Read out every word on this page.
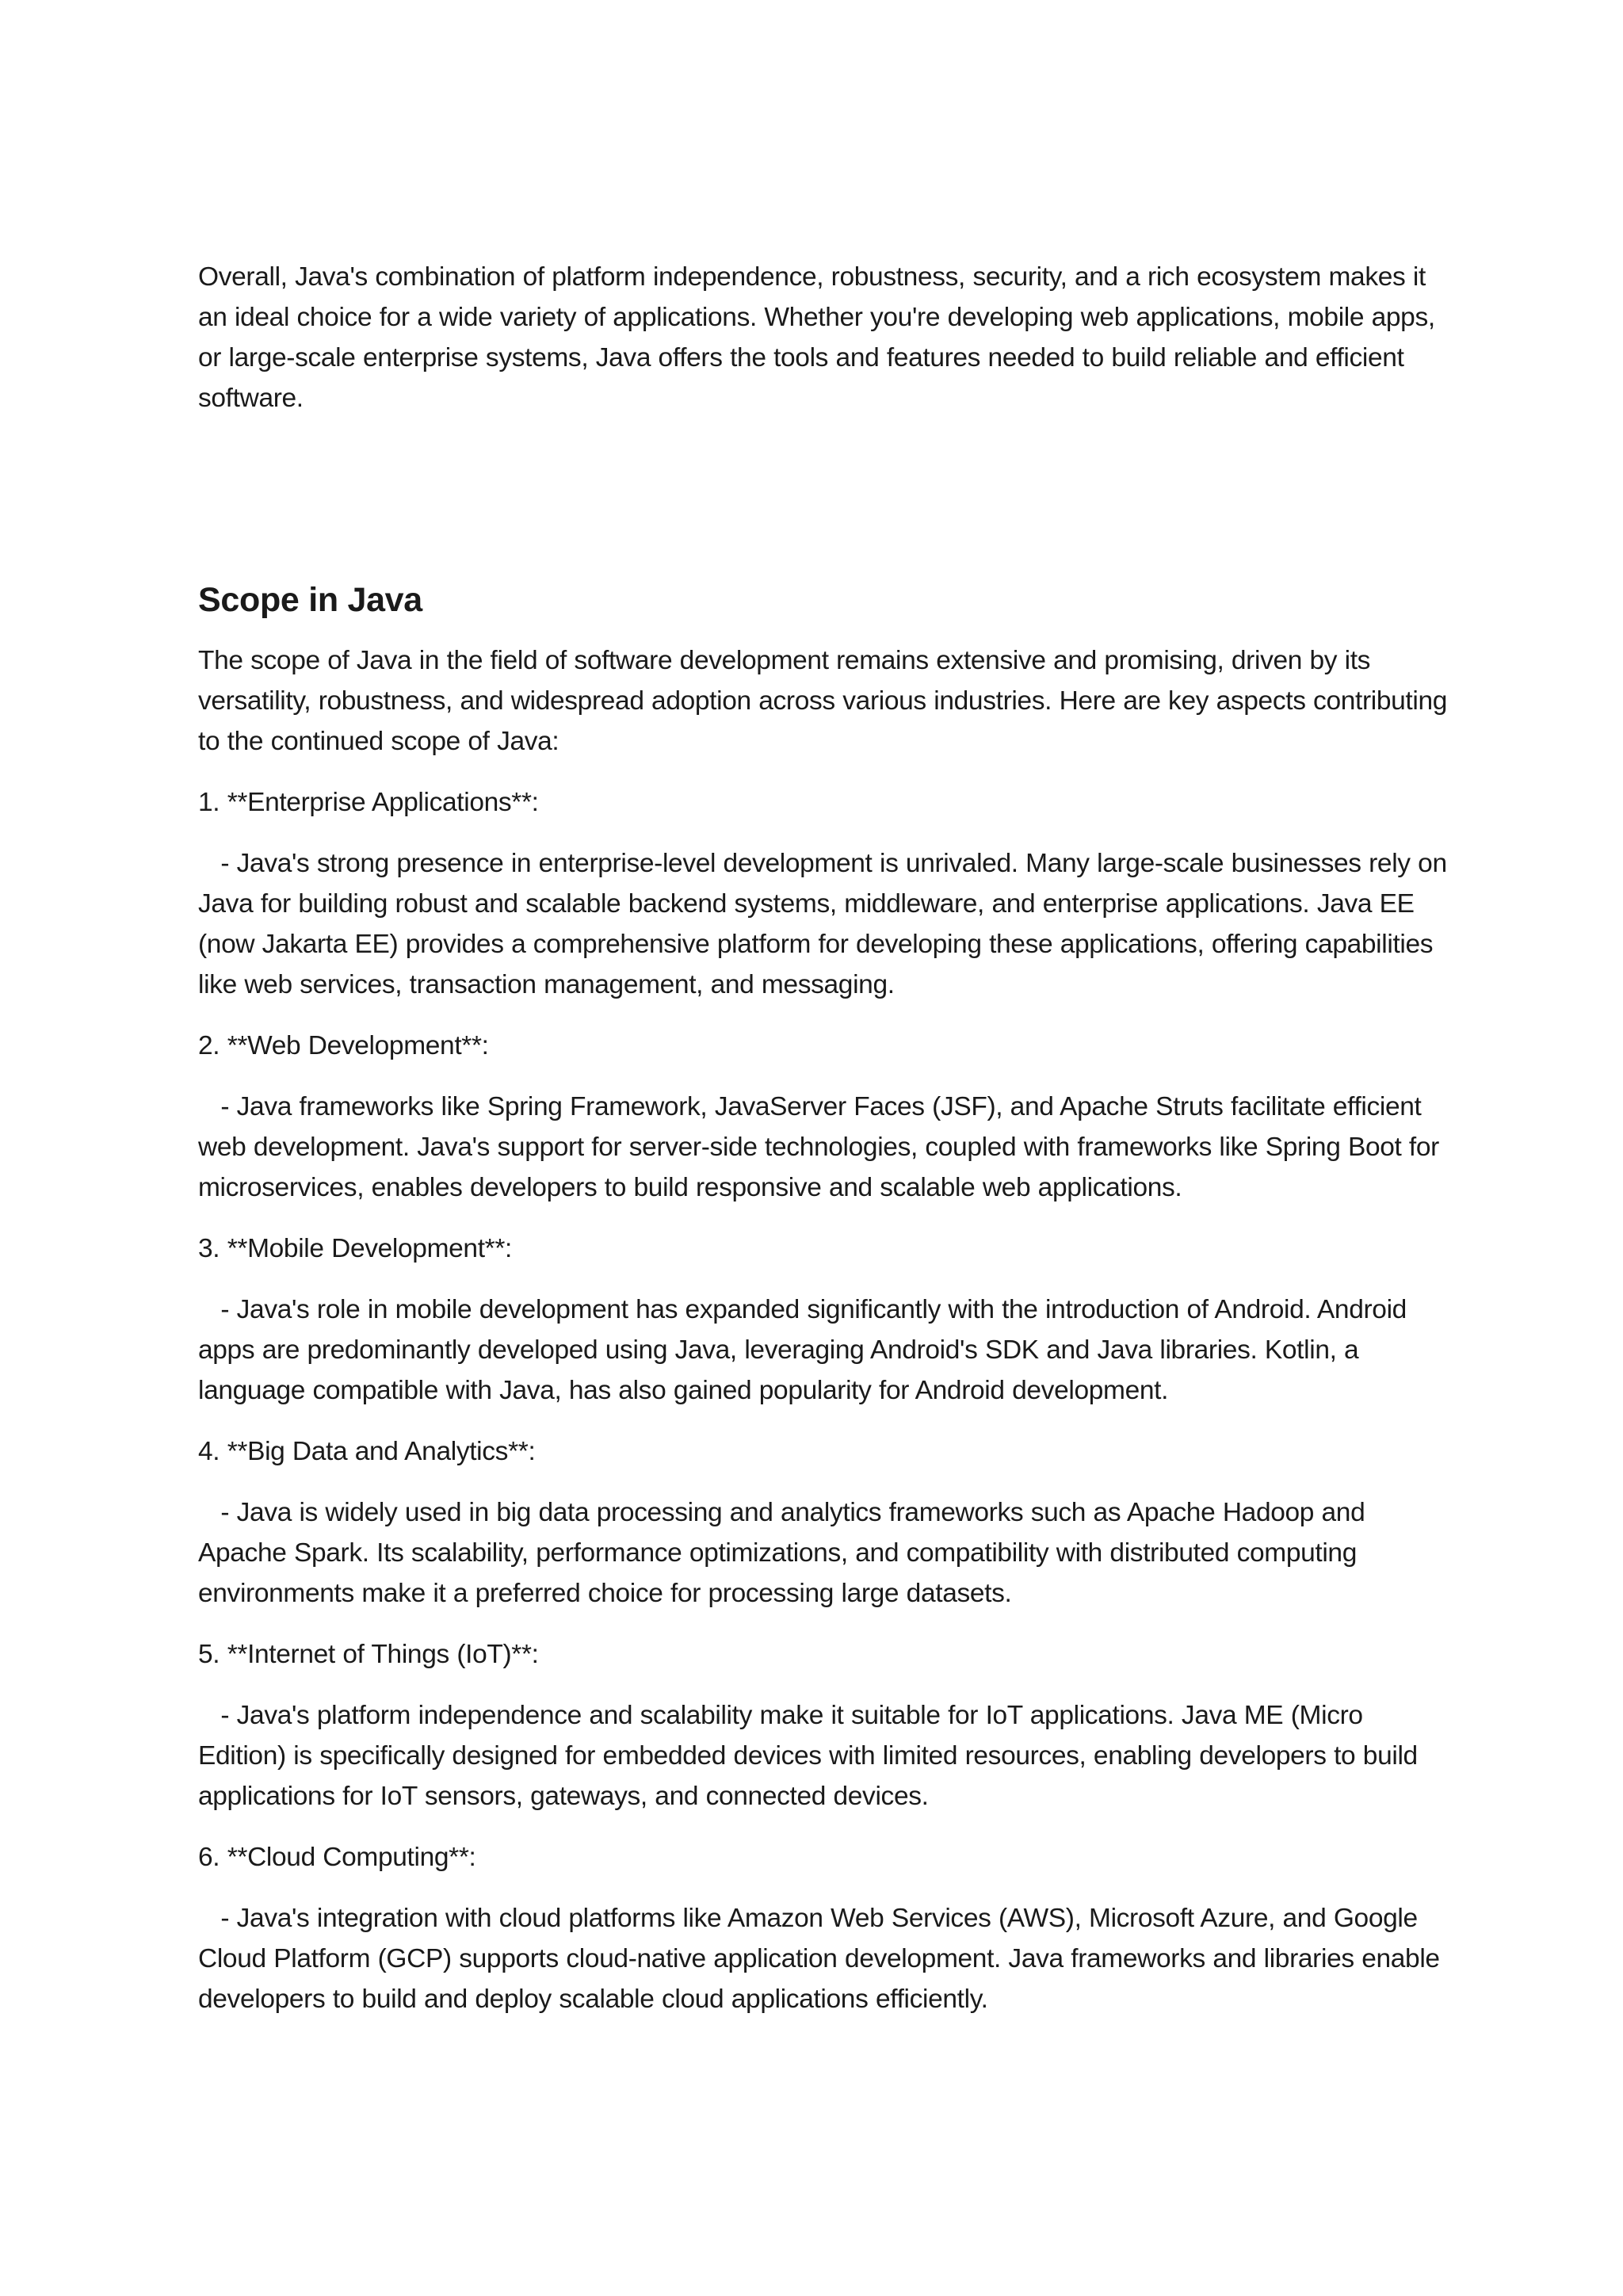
Overall, Java's combination of platform independence, robustness, security, and a rich ecosystem makes it an ideal choice for a wide variety of applications. Whether you're developing web applications, mobile apps, or large-scale enterprise systems, Java offers the tools and features needed to build reliable and efficient software.

Scope in Java

The scope of Java in the field of software development remains extensive and promising, driven by its versatility, robustness, and widespread adoption across various industries. Here are key aspects contributing to the continued scope of Java:

1. **Enterprise Applications**:

- Java's strong presence in enterprise-level development is unrivaled. Many large-scale businesses rely on Java for building robust and scalable backend systems, middleware, and enterprise applications. Java EE (now Jakarta EE) provides a comprehensive platform for developing these applications, offering capabilities like web services, transaction management, and messaging.

2. **Web Development**:

- Java frameworks like Spring Framework, JavaServer Faces (JSF), and Apache Struts facilitate efficient web development. Java's support for server-side technologies, coupled with frameworks like Spring Boot for microservices, enables developers to build responsive and scalable web applications.

3. **Mobile Development**:

- Java's role in mobile development has expanded significantly with the introduction of Android. Android apps are predominantly developed using Java, leveraging Android's SDK and Java libraries. Kotlin, a language compatible with Java, has also gained popularity for Android development.

4. **Big Data and Analytics**:

- Java is widely used in big data processing and analytics frameworks such as Apache Hadoop and Apache Spark. Its scalability, performance optimizations, and compatibility with distributed computing environments make it a preferred choice for processing large datasets.

5. **Internet of Things (IoT)**:

- Java's platform independence and scalability make it suitable for IoT applications. Java ME (Micro Edition) is specifically designed for embedded devices with limited resources, enabling developers to build applications for IoT sensors, gateways, and connected devices.

6. **Cloud Computing**:

- Java's integration with cloud platforms like Amazon Web Services (AWS), Microsoft Azure, and Google Cloud Platform (GCP) supports cloud-native application development. Java frameworks and libraries enable developers to build and deploy scalable cloud applications efficiently.
